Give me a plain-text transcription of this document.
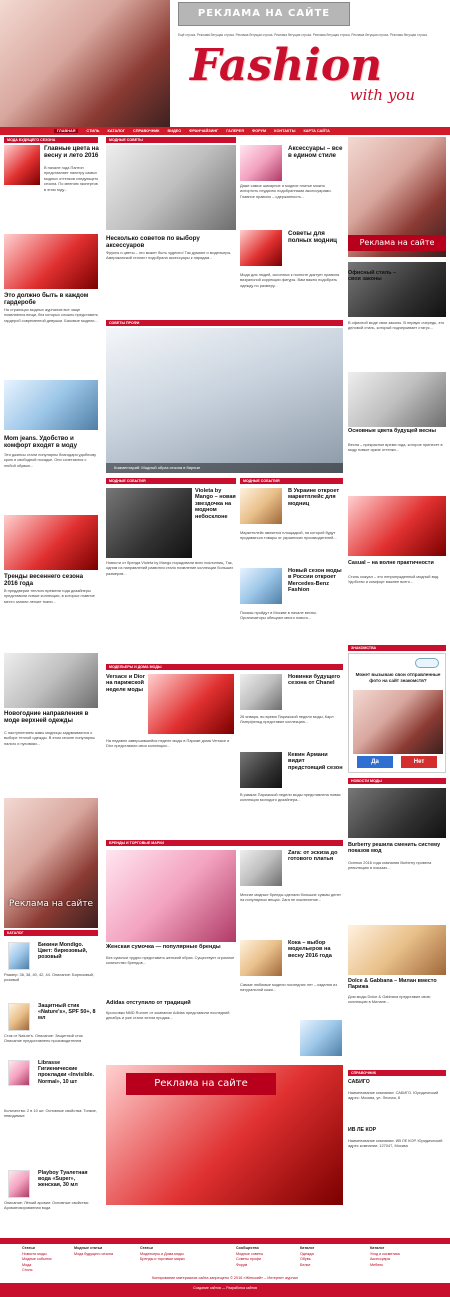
РЕКЛАМА НА САЙТЕ
Ещё строка. Реклама бегущая строка. Реклама бегущая строка. Реклама бегущая строка. Реклама бегущая строка. Реклама бегущая строка. Реклама бегущая строка.
Fashion
with you
ГЛАВНАЯ	СТИЛЬ КАТАЛОГ СПРАВОЧНИК ВИДЕО ФРАНЧАЙЗИНГ ГАЛЕРЕЯ ФОРУМ КОНТАКТЫ КАРТА САЙТА
МОДА БУДУЩЕГО СЕЗОНА
Главные цвета на весну и лето 2016
В начале года Пантон представляет палитру самых модных оттенков следующего сезона. По мнению экспертов в этом году...
Это должно быть в каждом гардеробе
На страницах модных журналов все чаще появляются вещи, без которых сложно представить гардероб современной девушки. Базовые модели...
Mom jeans. Удобство и комфорт входят в моду
Эти джинсы стали популярны благодаря удобному крою и свободной посадке. Они сочетаются с любой обувью...
Тренды весеннего сезона 2016 года
В преддверии теплого времени года дизайнеры представили новые коллекции, в которых главное место заняли легкие ткани...
Новогодние направления в моде верхней одежды
С наступлением зимы модницы задумываются о выборе теплой одежды. В этом сезоне популярны пальто и пуховики...
Реклама на сайте
КАТАЛОГ
Бикини Mondigo. Цвет: бирюзовый, розовый
Размер: 36, 38, 40, 42, 44. Описание: Бирюзовый, розовый
Защитный стик «Nature's», SPF 50+, 8 мл
Стик от Nature's. Описание: Защитный стик. Описание предоставлено производителем
Librasse Гигиенические прокладки «Invisible. Normal», 10 шт
Количество: 2 в 10 шт. Основные свойства: Тонкие, невидимые
Playboy Туалетная вода «Super», женская, 30 мл
Описание: Лёгкий аромат. Основные свойства: Ароматизированная вода
МОДНЫЕ СОВЕТЫ
Несколько советов по выбору аксессуаров
Фрукты и цветы – это может быть чудесно! Так думают и модельеры. Американский стилист подобрала аксессуары к нарядам...
Аксессуары – все в едином стиле
Даже самое шикарное и модное платье можно испортить неудачно подобранными аксессуарами. Главное правило – сдержанность...
Советы для полных модниц
Мода для людей, склонных к полноте диктует правила визуальной коррекции фигуры. Вам важно подобрать одежду по размеру...
СОВЕТЫ ПРОФИ
Комментарий: Модный образ сезона в бирюзе
МОДНЫЕ СОБЫТИЯ
Violeta by Mango – новая звездочка на модном небосклоне
Новости от бренда Violeta by Mango порадовали всех поклонниц. Так, одним из направлений развития стало появление коллекции больших размеров...
МОДНЫЕ СОБЫТИЯ
В Украине откроет маркетплейс для модниц
Маркетплейс является площадкой, на которой будут продаваться товары от украинских производителей...
Новый сезон моды в России откроет Mercedes-Benz Fashion
Показы пройдут в Москве в начале весны. Организаторы обещают много нового...
МОДЕЛЬЕРЫ И ДОМА МОДЫ
Versace и Dior на парижской неделе моды
На недавно завершившейся неделе моды в Париже дома Versace и Dior представили свои коллекции...
Новинки будущего сезона от Chanel
26 января, во время Парижской недели моды, Карл Лагерфельд представил коллекцию...
Кевин Армани видит предстоящий сезон
В рамках Парижской недели моды представлена новая коллекция молодого дизайнера...
БРЕНДЫ И ТОРГОВЫЕ МАРКИ
Женская сумочка — популярные бренды
Без сумочки трудно представить женский образ. Существует огромное количество брендов...
Zara: от эскиза до готового платья
Многие модные бренды сделали большие суммы денег на популярных вещах. Zara не исключение...
Кока – выбор модельеров на весну 2016 года
Самые любимые модели последних лет – изделия из натуральной кожи...
Adidas отступило от традиций
Кроссовки NMD Runner от компании Adidas представили последний декабрь и уже стали хитом продаж...
Реклама на сайте
Реклама на сайте
Офисный стиль – свои законы
В офисной моде свои законы. В первую очередь, это деловой стиль, который подчеркивает статус...
Основные цвета будущей весны
Весна – прекрасное время года, которое принесет в моду новые яркие оттенки...
Casual – на волне практичности
Стиль кэжуал – это непринужденный модный вид. Удобство и комфорт важнее всего...
ЗНАКОМСТВА
Может вызываю свои отправленные фото на сайт знакомств?
Да	Нет
НОВОСТИ МОДЫ
Burberry решила сменить систему показов мод
Осенью 2016 года компания Burberry провела революцию в показах...
Dolce & Gabbana – Милан вместо Парижа
Дом моды Dolce & Gabbana представил свою коллекцию в Милане...
СПРАВОЧНИК
САБИГО
Наименование компании: САБИГО. Юридический адрес: Москва, ул. Лесная, 8
ИВ ЛЕ КОР
Наименование компании: ИВ ЛЕ КОР. Юридический адрес компании: 127047, Москва
Статьи
Новости моды
Модные события
Мода
Стиль
Модные статьи
Мода будущего сезона
Статьи
Модельеры и Дома моды
Бренды и торговые марки
Сообщество
Модные советы
Советы профи
Форум
Каталог
Одежда
Обувь
Белье
Каталог
Уход и косметика
Аксессуары
Мебель
Копирование материалов сайта запрещено © 2016 «Женский» – Интернет журнал
Создание сайтов — Разработка сайтов
